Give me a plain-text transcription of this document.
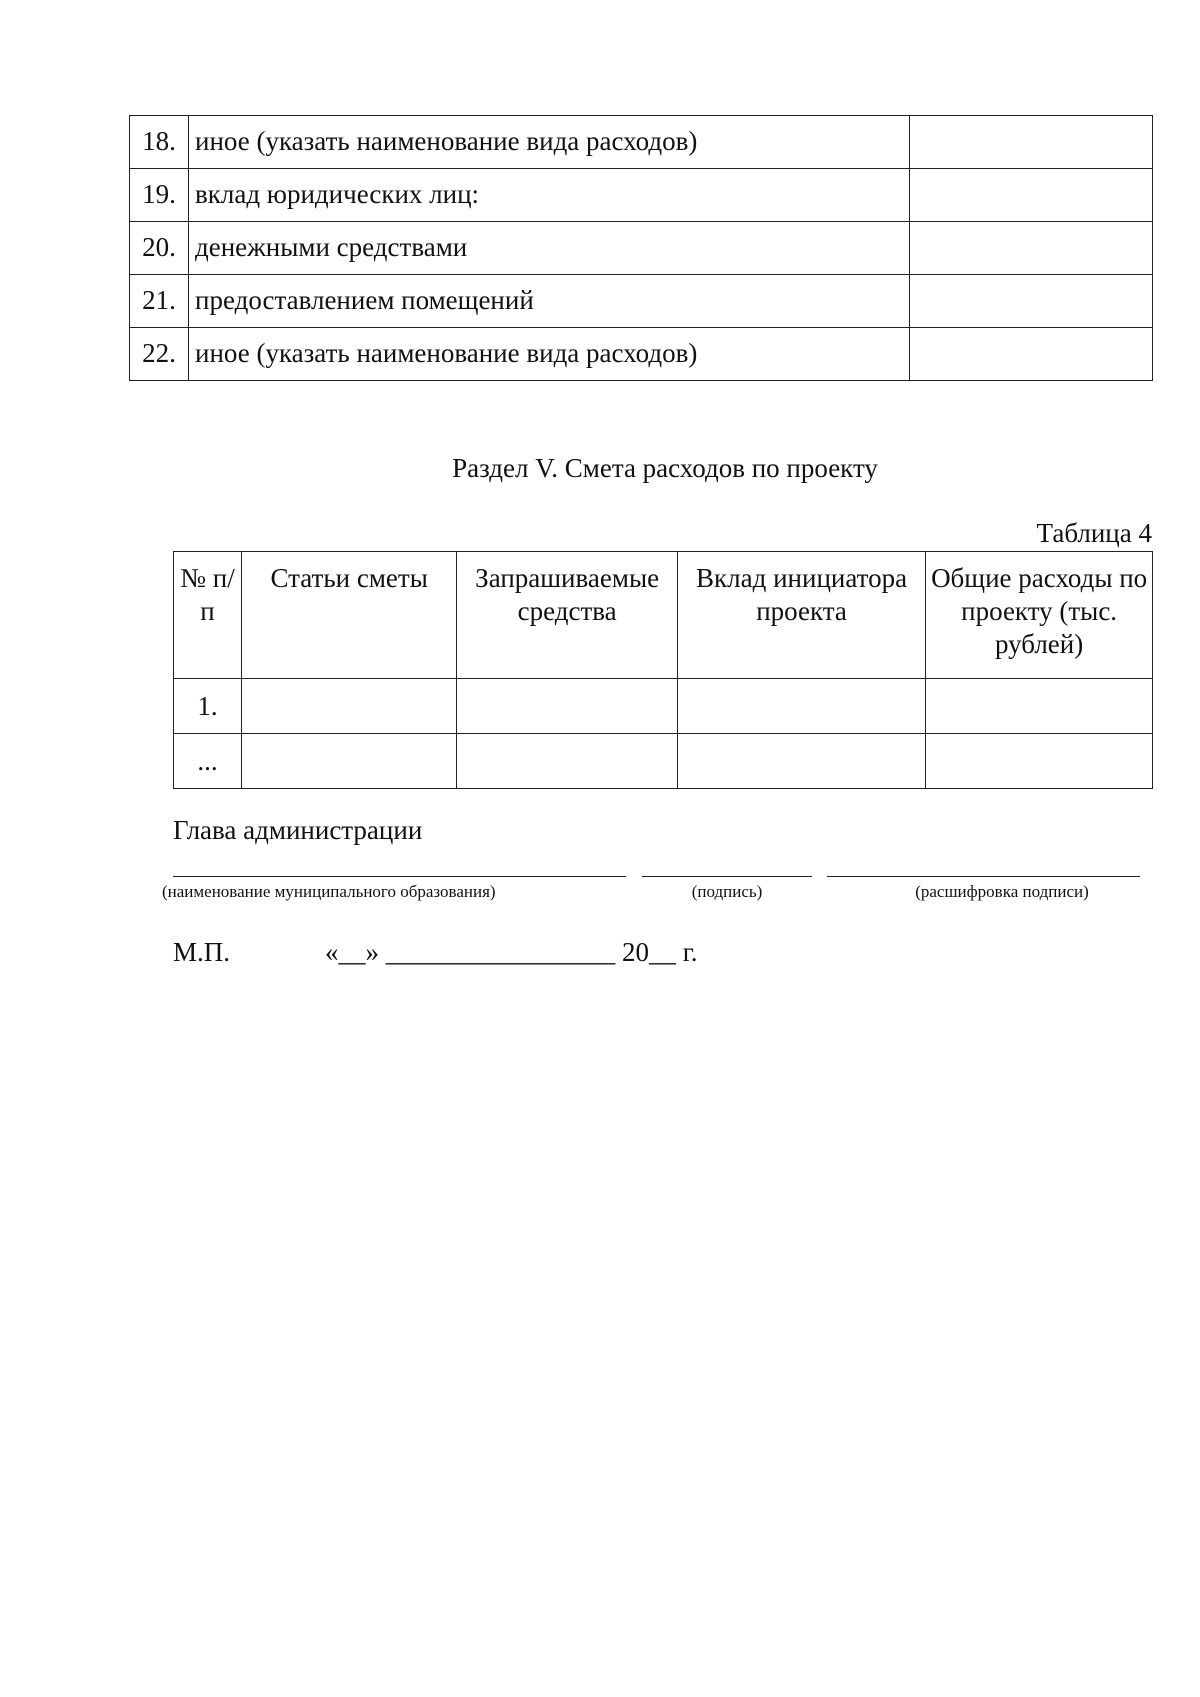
18.	иное (указать наименование вида расходов)	
19.	вклад юридических лиц:	
20.	денежными средствами	
21.	предоставлением помещений	
22.	иное (указать наименование вида расходов)	
Раздел V. Смета расходов по проекту
Таблица 4
№ п/п	Статьи сметы	Запрашиваемые средства	Вклад инициатора проекта	Общие расходы по проекту (тыс. рублей)
1.				
...				
Глава администрации
(наименование муниципального образования)	(подпись)	(расшифровка подписи)
М.П.	«__» _________________ 20__ г.
